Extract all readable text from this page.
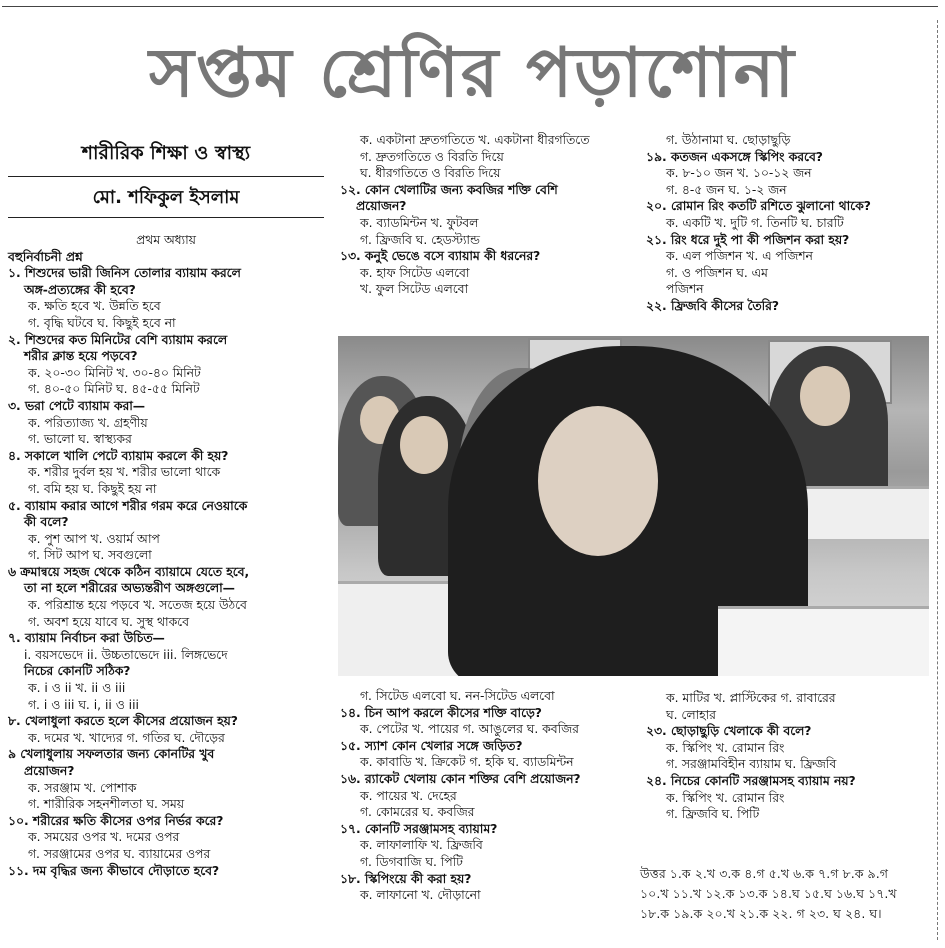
সপ্তম শ্রেণির পড়াশোনা

শারীরিক শিক্ষা ও স্বাস্থ্য

মো. শফিকুল ইসলাম

প্রথম অধ্যায়

বহুনির্বাচনী প্রশ্ন

১. শিশুদের ভারী জিনিস তোলার ব্যায়াম করলে

অঙ্গ-প্রত্যঙ্গের কী হবে?

ক. ক্ষতি হবে খ. উন্নতি হবে

গ. বৃদ্ধি ঘটবে ঘ. কিছুই হবে না

২. শিশুদের কত মিনিটের বেশি ব্যায়াম করলে

শরীর ক্লান্ত হয়ে পড়বে?

ক. ২০-৩০ মিনিট খ. ৩০-৪০ মিনিট

গ. ৪০-৫০ মিনিট ঘ. ৪৫-৫৫ মিনিট

৩. ভরা পেটে ব্যায়াম করা—

ক. পরিত্যাজ্য খ. গ্রহণীয়

গ. ভালো ঘ. স্বাস্থ্যকর

৪. সকালে খালি পেটে ব্যায়াম করলে কী হয়?

ক. শরীর দুর্বল হয় খ. শরীর ভালো থাকে

গ. বমি হয় ঘ. কিছুই হয় না

৫. ব্যায়াম করার আগে শরীর গরম করে নেওয়াকে

কী বলে?

ক. পুশ আপ খ. ওয়ার্ম আপ

গ. সিট আপ ঘ. সবগুলো

৬ ক্রমান্বয়ে সহজ থেকে কঠিন ব্যায়ামে যেতে হবে,

তা না হলে শরীরের অভ্যন্তরীণ অঙ্গগুলো—

ক. পরিশ্রান্ত হয়ে পড়বে খ. সতেজ হয়ে উঠবে

গ. অবশ হয়ে যাবে ঘ. সুস্থ থাকবে

৭. ব্যায়াম নির্বাচন করা উচিত—

i. বয়সভেদে ii. উচ্চতাভেদে iii. লিঙ্গভেদে

নিচের কোনটি সঠিক?

ক. i ও ii খ. ii ও iii

গ. i ও iii ঘ. i, ii ও iii

৮. খেলাধুলা করতে হলে কীসের প্রয়োজন হয়?

ক. দমের খ. খাদ্যের গ. গতির ঘ. দৌড়ের

৯ খেলাধুলায় সফলতার জন্য কোনটির খুব

প্রয়োজন?

ক. সরঞ্জাম খ. পোশাক

গ. শারীরিক সহনশীলতা ঘ. সময়

১০. শরীরের ক্ষতি কীসের ওপর নির্ভর করে?

ক. সময়ের ওপর খ. দমের ওপর

গ. সরঞ্জামের ওপর ঘ. ব্যায়ামের ওপর

১১. দম বৃদ্ধির জন্য কীভাবে দৌড়াতে হবে?

ক. একটানা দ্রুতগতিতে খ. একটানা ধীরগতিতে

গ. দ্রুতগতিতে ও বিরতি দিয়ে

ঘ. ধীরগতিতে ও বিরতি দিয়ে

১২. কোন খেলাটির জন্য কবজির শক্তি বেশি

প্রয়োজন?

ক. ব্যাডমিন্টন খ. ফুটবল

গ. ফ্রিজবি ঘ. হেডস্ট্যান্ড

১৩. কনুই ভেঙে বসে ব্যায়াম কী ধরনের?

ক. হাফ সিটেড এলবো

খ. ফুল সিটেড এলবো

গ. উঠানামা ঘ. ছোড়াছুড়ি

১৯. কতজন একসঙ্গে স্কিপিং করবে?

ক. ৮-১০ জন খ. ১০-১২ জন

গ. ৪-৫ জন ঘ. ১-২ জন

২০. রোমান রিং কতটি রশিতে ঝুলানো থাকে?

ক. একটি খ. দুটি গ. তিনটি ঘ. চারটি

২১. রিং ধরে দুই পা কী পজিশন করা হয়?

ক. এল পজিশন খ. এ পজিশন

গ. ও পজিশন ঘ. এম

পজিশন

২২. ফ্রিজবি কীসের তৈরি?

গ. সিটেড এলবো ঘ. নন-সিটেড এলবো

১৪. চিন আপ করলে কীসের শক্তি বাড়ে?

ক. পেটের খ. পায়ের গ. আঙুলের ঘ. কবজির

১৫. স্যাশ কোন খেলার সঙ্গে জড়িত?

ক. কাবাডি খ. ক্রিকেট গ. হকি ঘ. ব্যাডমিন্টন

১৬. র‍্যাকেট খেলায় কোন শক্তির বেশি প্রয়োজন?

ক. পায়ের খ. দেহের

গ. কোমরের ঘ. কবজির

১৭. কোনটি সরঞ্জামসহ ব্যায়াম?

ক. লাফালাফি খ. ফ্রিজবি

গ. ডিগবাজি ঘ. পিটি

১৮. স্কিপিংয়ে কী করা হয়?

ক. লাফানো খ. দৌড়ানো

ক. মাটির খ. প্লাস্টিকের গ. রাবারের

ঘ. লোহার

২৩. ছোড়াছুড়ি খেলাকে কী বলে?

ক. স্কিপিং খ. রোমান রিং

গ. সরঞ্জামবিহীন ব্যায়াম ঘ. ফ্রিজবি

২৪. নিচের কোনটি সরঞ্জামসহ ব্যায়াম নয়?

ক. স্কিপিং খ. রোমান রিং

গ. ফ্রিজবি ঘ. পিটি

উত্তর ১.ক ২.খ ৩.ক ৪.গ ৫.খ ৬.ক ৭.গ ৮.ক ৯.গ

১০.খ ১১.খ ১২.ক ১৩.ক ১৪.ঘ ১৫.ঘ ১৬.ঘ ১৭.খ

১৮.ক ১৯.ক ২০.খ ২১.ক ২২. গ ২৩. ঘ ২৪. ঘ।
